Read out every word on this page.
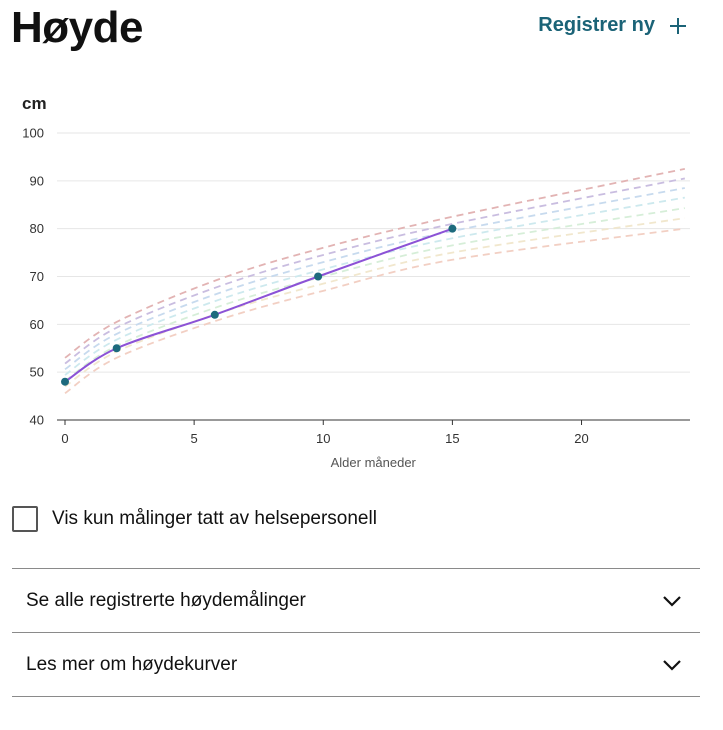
Høyde	Registrer ny
cm
40
50
60
70
80
90
100
0	5	10	15	20
Alder måneder
Vis kun målinger tatt av helsepersonell
Se alle registrerte høydemålinger
Les mer om høydekurver
